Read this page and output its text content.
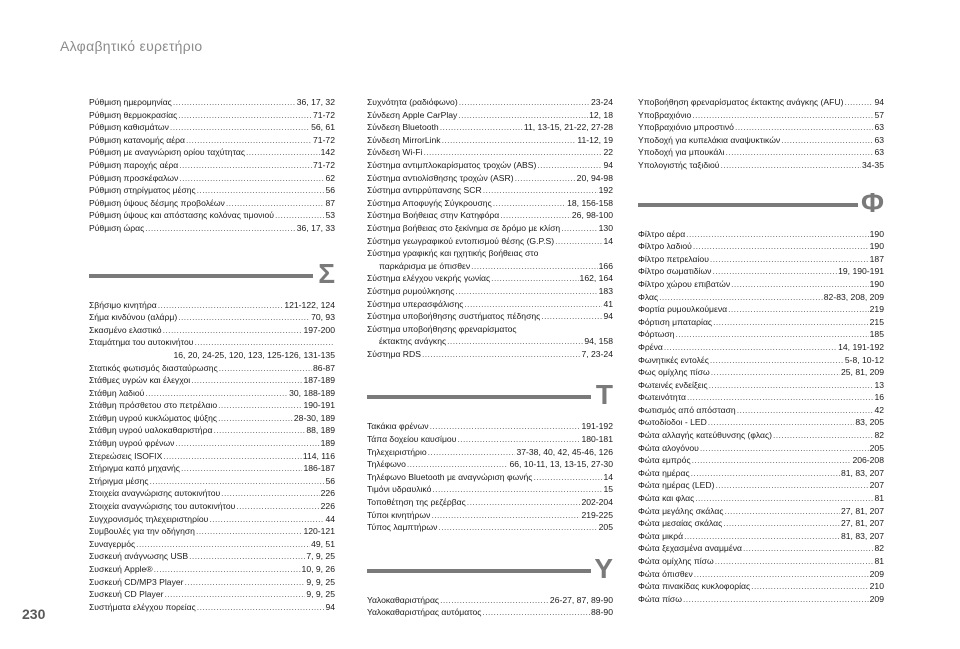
Αλφαβητικό ευρετήριο
Ρύθμιση ημερομηνίας .....	36, 17, 32
Ρύθμιση θερμοκρασίας .....	71-72
Ρύθμιση καθισμάτων .....	56, 61
Ρύθμιση κατανομής αέρα .....	71-72
Ρύθμιση με αναγνώριση ορίου ταχύτητας .....	142
Ρύθμιση παροχής αέρα .....	71-72
Ρύθμιση προσκέφαλων .....	62
Ρύθμιση στηρίγματος μέσης .....	56
Ρύθμιση ύψους δέσμης προβολέων .....	87
Ρύθμιση ύψους και απόστασης κολόνας τιμονιού .....	53
Ρύθμιση ώρας .....	36, 17, 33
Σ
Σβήσιμο κινητήρα .....	121-122, 124
Σήμα κινδύνου (αλάρμ) .....	70, 93
Σκασμένο ελαστικό .....	197-200
Σταμάτημα του αυτοκινήτου
.....
16, 20, 24-25, 120, 123, 125-126, 131-135
Στατικός φωτισμός διασταύρωσης .....	86-87
Στάθμες υγρών και έλεγχοι .....	187-189
Στάθμη λαδιού .....	30, 188-189
Στάθμη πρόσθετου στο πετρέλαιο .....	190-191
Στάθμη υγρού κυκλώματος ψύξης .....	28-30, 189
Στάθμη υγρού υαλοκαθαριστήρα .....	88, 189
Στάθμη υγρού φρένων .....	189
Στερεώσεις ISOFIX .....	114, 116
Στήριγμα καπό μηχανής .....	186-187
Στήριγμα μέσης .....	56
Στοιχεία αναγνώρισης αυτοκινήτου .....	226
Στοιχεία αναγνώρισης του αυτοκινήτου .....	226
Συγχρονισμός τηλεχειριστηρίου .....	44
Συμβουλές για την οδήγηση .....	120-121
Συναγερμός .....	49, 51
Συσκευή ανάγνωσης USB .....	7, 9, 25
Συσκευή Apple® .....	10, 9, 26
Συσκευή CD/MP3 Player .....	9, 9, 25
Συσκευή CD Player .....	9, 9, 25
Συστήματα ελέγχου πορείας .....	94
Συχνότητα (ραδιόφωνο) .....	23-24
Σύνδεση Apple CarPlay .....	12, 18
Σύνδεση Bluetooth .....	11, 13-15, 21-22, 27-28
Σύνδεση MirrorLink .....	11-12, 19
Σύνδεση Wi-Fi .....	22
Σύστημα αντιμπλοκαρίσματος τροχών (ABS) .....	94
Σύστημα αντιολίσθησης τροχών (ASR) .....	20, 94-98
Σύστημα αντιρρύπανσης SCR .....	192
Σύστημα Αποφυγής Σύγκρουσης .....	18, 156-158
Σύστημα Βοήθειας στην Κατηφόρα .....	26, 98-100
Σύστημα βοήθειας στο ξεκίνημα σε δρόμο με κλίση .....	130
Σύστημα γεωγραφικού εντοπισμού θέσης (G.P.S) .....	14
Σύστημα γραφικής και ηχητικής βοήθειας στο
παρκάρισμα με όπισθεν .....	166
Σύστημα ελέγχου νεκρής γωνίας .....	162, 164
Σύστημα ρυμούλκησης .....	183
Σύστημα υπερασφάλισης .....	41
Σύστημα υποβοήθησης συστήματος πέδησης .....	94
Σύστημα υποβοήθησης φρεναρίσματος
έκτακτης ανάγκης .....	94, 158
Σύστημα RDS .....	7, 23-24
Τ
Τακάκια φρένων .....	191-192
Τάπα δοχείου καυσίμου .....	180-181
Τηλεχειριστήριο .....	37-38, 40, 42, 45-46, 126
Τηλέφωνο .....	66, 10-11, 13, 13-15, 27-30
Τηλέφωνο Bluetooth με αναγνώριση φωνής .....	14
Τιμόνι υδραυλικό .....	15
Τοποθέτηση της ρεζέρβας .....	202-204
Τύποι κινητήρων .....	219-225
Τύπος λαμπτήρων .....	205
Υ
Υαλοκαθαριστήρας .....	26-27, 87, 89-90
Υαλοκαθαριστήρας αυτόματος .....	88-90
Υποβοήθηση φρεναρίσματος έκτακτης ανάγκης (AFU) .....	94
Υποβραχιόνιο .....	57
Υποβραχιόνιο μπροστινό .....	63
Υποδοχή για κυπελάκια αναψυκτικών .....	63
Υποδοχή για μπουκάλι .....	63
Υπολογιστής ταξιδιού .....	34-35
Φ
Φίλτρο αέρα .....	190
Φίλτρο λαδιού .....	190
Φίλτρο πετρελαίου .....	187
Φίλτρο σωματιδίων .....	19, 190-191
Φίλτρο χώρου επιβατών .....	190
Φλας .....	82-83, 208, 209
Φορτία ρυμουλκούμενα .....	219
Φόρτιση μπαταρίας .....	215
Φόρτωση .....	185
Φρένα .....	14, 191-192
Φωνητικές εντολές .....	5-8, 10-12
Φως ομίχλης πίσω .....	25, 81, 209
Φωτεινές ενδείξεις .....	13
Φωτεινότητα .....	16
Φωτισμός από απόσταση .....	42
Φωτοδίοδοι - LED .....	83, 205
Φώτα αλλαγής κατεύθυνσης (φλας) .....	82
Φώτα αλογόνου .....	205
Φώτα εμπρός .....	206-208
Φώτα ημέρας .....	81, 83, 207
Φώτα ημέρας (LED) .....	207
Φώτα και φλας .....	81
Φώτα μεγάλης σκάλας .....	27, 81, 207
Φώτα μεσαίας σκάλας .....	27, 81, 207
Φώτα μικρά .....	81, 83, 207
Φώτα ξεχασμένα αναμμένα .....	82
Φώτα ομίχλης πίσω .....	81
Φώτα όπισθεν .....	209
Φώτα πινακίδας κυκλοφορίας .....	210
Φώτα πίσω .....	209
230
